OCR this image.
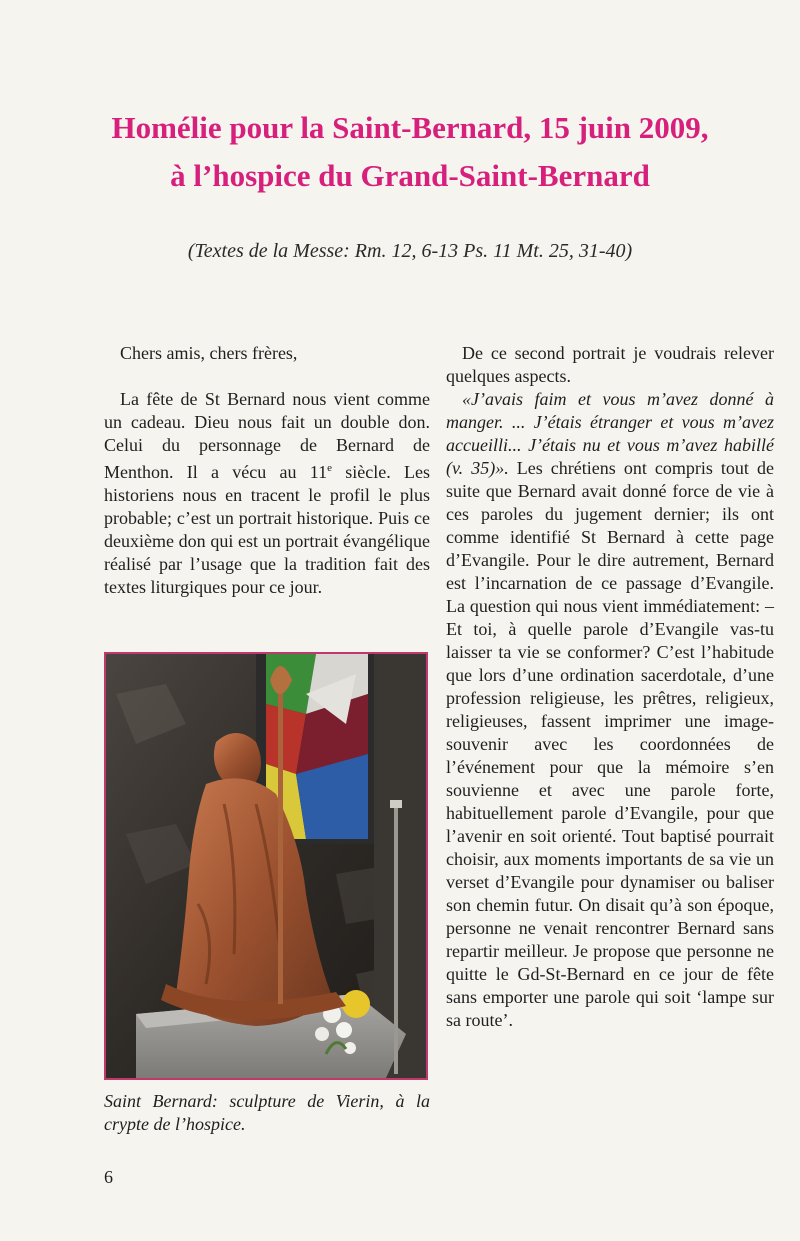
Homélie pour la Saint-Bernard, 15 juin 2009,
à l’hospice du Grand-Saint-Bernard
(Textes de la Messe: Rm. 12, 6-13 Ps. 11 Mt. 25, 31-40)

Chers amis, chers frères,

La fête de St Bernard nous vient comme un cadeau. Dieu nous fait un double don. Celui du personnage de Bernard de Menthon. Il a vécu au 11e siècle. Les historiens nous en tracent le profil le plus probable; c’est un portrait historique. Puis ce deuxième don qui est un portrait évangélique réalisé par l’usage que la tradition fait des textes liturgiques pour ce jour.

Saint Bernard: sculpture de Vierin, à la crypte de l’hospice.

De ce second portrait je voudrais relever quelques aspects.

«J’avais faim et vous m’avez donné à manger. ... J’étais étranger et vous m’avez accueilli... J’étais nu et vous m’avez habillé (v. 35)». Les chrétiens ont compris tout de suite que Bernard avait donné force de vie à ces paroles du jugement dernier; ils ont comme identifié St Bernard à cette page d’Evangile. Pour le dire autrement, Bernard est l’incarnation de ce passage d’Evangile. La question qui nous vient immédiatement: – Et toi, à quelle parole d’Evangile vas-tu laisser ta vie se conformer? C’est l’habitude que lors d’une ordination sacerdotale, d’une profession religieuse, les prêtres, religieux, religieuses, fassent imprimer une image-souvenir avec les coordonnées de l’événement pour que la mémoire s’en souvienne et avec une parole forte, habituellement parole d’Evangile, pour que l’avenir en soit orienté. Tout baptisé pourrait choisir, aux moments importants de sa vie un verset d’Evangile pour dynamiser ou baliser son chemin futur. On disait qu’à son époque, personne ne venait rencontrer Bernard sans repartir meilleur. Je propose que personne ne quitte le Gd-St-Bernard en ce jour de fête sans emporter une parole qui soit ‘lampe sur sa route’.

6
